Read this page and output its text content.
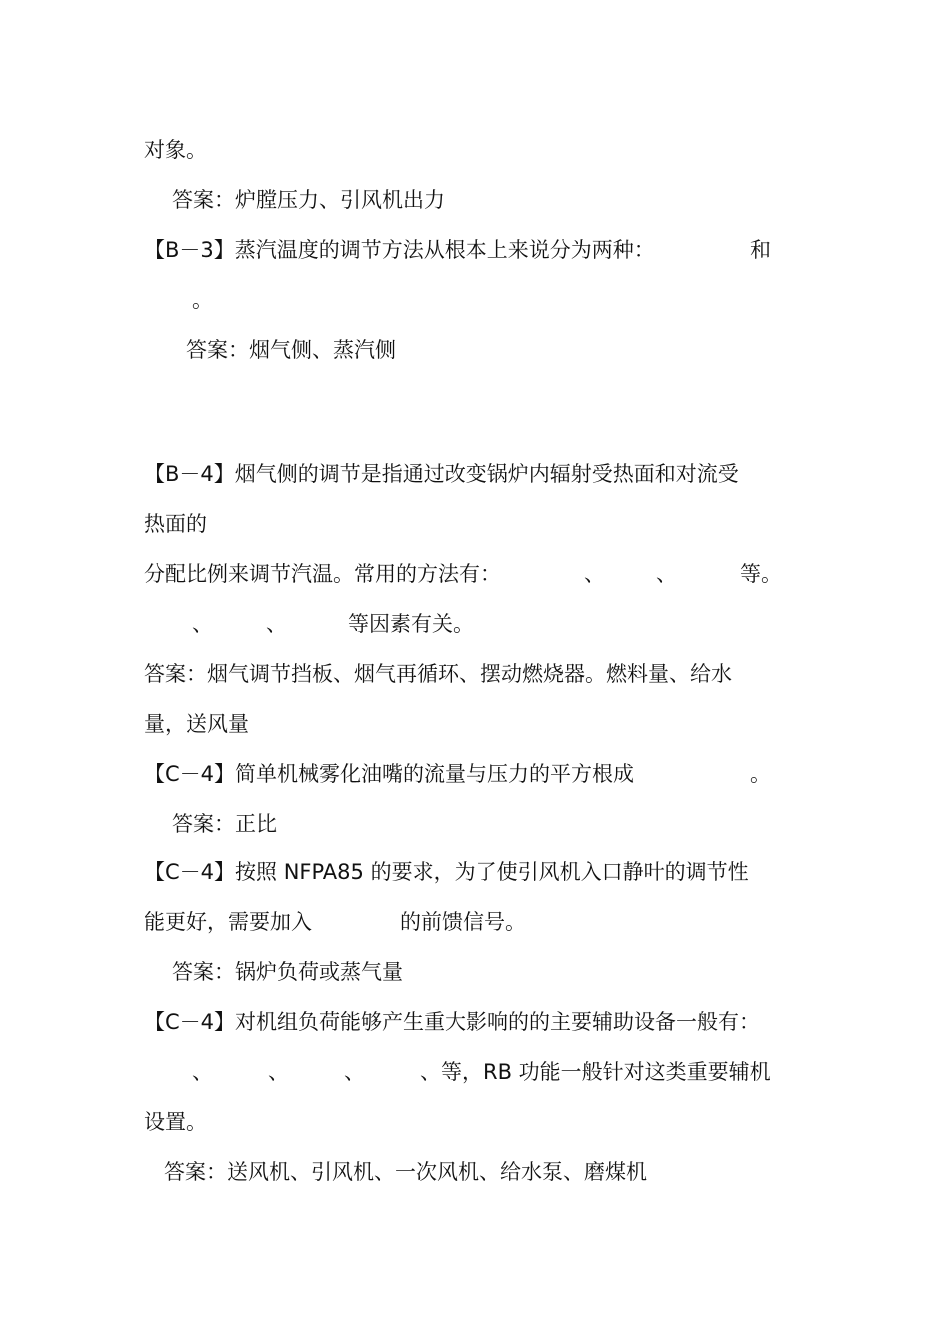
对象。
答案：炉膛压力、引风机出力
【B－3】蒸汽温度的调节方法从根本上来说分为两种：	和
。
答案：烟气侧、蒸汽侧
【B－4】烟气侧的调节是指通过改变锅炉内辐射受热面和对流受
热面的
分配比例来调节汽温。常用的方法有：	、 、	等。
、	、	等因素有关。
答案：烟气调节挡板、烟气再循环、摆动燃烧器。燃料量、给水
量，送风量
【C－4】简单机械雾化油嘴的流量与压力的平方根成	。
答案：正比
【C－4】按照 NFPA85 的要求，为了使引风机入口静叶的调节性
能更好，需要加入	的前馈信号。
答案：锅炉负荷或蒸气量
【C－4】对机组负荷能够产生重大影响的的主要辅助设备一般有：
、	、	、	、等，RB 功能一般针对这类重要辅机
设置。
答案：送风机、引风机、一次风机、给水泵、磨煤机
